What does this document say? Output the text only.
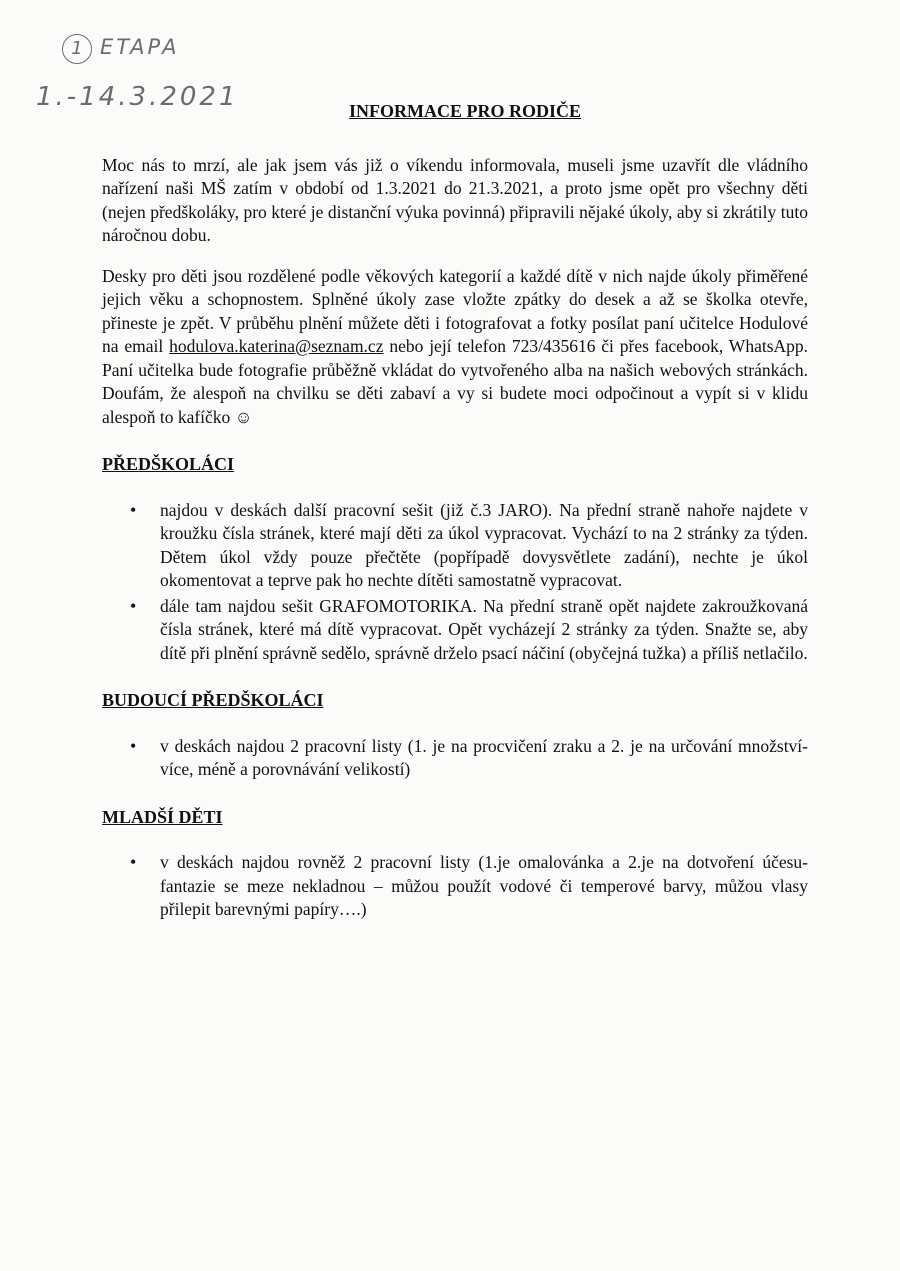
1 ETAPA
1.-14.3.2021	INFORMACE PRO RODIČE

Moc nás to mrzí, ale jak jsem vás již o víkendu informovala, museli jsme uzavřít dle vládního nařízení naši MŠ zatím v období od 1.3.2021 do 21.3.2021, a proto jsme opět pro všechny děti (nejen předškoláky, pro které je distanční výuka povinná) připravili nějaké úkoly, aby si zkrátily tuto náročnou dobu.

Desky pro děti jsou rozdělené podle věkových kategorií a každé dítě v nich najde úkoly přiměřené jejich věku a schopnostem. Splněné úkoly zase vložte zpátky do desek a až se školka otevře, přineste je zpět. V průběhu plnění můžete děti i fotografovat a fotky posílat paní učitelce Hodulové na email hodulova.katerina@seznam.cz nebo její telefon 723/435616 či přes facebook, WhatsApp. Paní učitelka bude fotografie průběžně vkládat do vytvořeného alba na našich webových stránkách. Doufám, že alespoň na chvilku se děti zabaví a vy si budete moci odpočinout a vypít si v klidu alespoň to kafíčko ☺

PŘEDŠKOLÁCI
• najdou v deskách další pracovní sešit (již č.3 JARO). Na přední straně nahoře najdete v kroužku čísla stránek, které mají děti za úkol vypracovat. Vychází to na 2 stránky za týden. Dětem úkol vždy pouze přečtěte (popřípadě dovysvětlete zadání), nechte je úkol okomentovat a teprve pak ho nechte dítěti samostatně vypracovat.
• dále tam najdou sešit GRAFOMOTORIKA. Na přední straně opět najdete zakroužkovaná čísla stránek, které má dítě vypracovat. Opět vycházejí 2 stránky za týden. Snažte se, aby dítě při plnění správně sedělo, správně drželo psací náčiní (obyčejná tužka) a příliš netlačilo.
BUDOUCÍ PŘEDŠKOLÁCI
• v deskách najdou 2 pracovní listy (1. je na procvičení zraku a 2. je na určování množství-více, méně a porovnávání velikostí)
MLADŠÍ DĚTI
• v deskách najdou rovněž 2 pracovní listy (1.je omalovánka a 2.je na dotvoření účesu-fantazie se meze nekladnou – můžou použít vodové či temperové barvy, můžou vlasy přilepit barevnými papíry….)
